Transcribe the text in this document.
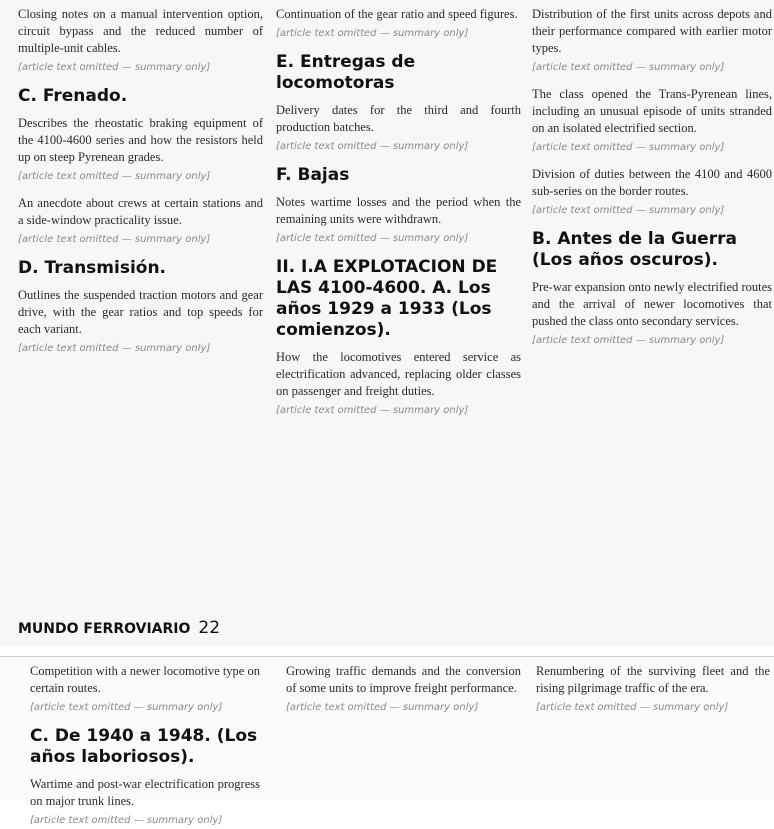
Closing notes on a manual intervention option, circuit bypass and the reduced number of multiple-unit cables.
[article text omitted — summary only]

C. Frenado.

Describes the rheostatic braking equipment of the 4100-4600 series and how the resistors held up on steep Pyrenean grades.
[article text omitted — summary only]

An anecdote about crews at certain stations and a side-window practicality issue.
[article text omitted — summary only]

D. Transmisión.

Outlines the suspended traction motors and gear drive, with the gear ratios and top speeds for each variant.
[article text omitted — summary only]

Continuation of the gear ratio and speed figures.
[article text omitted — summary only]

E. Entregas de locomotoras

Delivery dates for the third and fourth production batches.
[article text omitted — summary only]

F. Bajas

Notes wartime losses and the period when the remaining units were withdrawn.
[article text omitted — summary only]

II. I.A EXPLOTACION DE LAS 4100-4600. A. Los años 1929 a 1933 (Los comienzos).

How the locomotives entered service as electrification advanced, replacing older classes on passenger and freight duties.
[article text omitted — summary only]

Distribution of the first units across depots and their performance compared with earlier motor types.
[article text omitted — summary only]

The class opened the Trans-Pyrenean lines, including an unusual episode of units stranded on an isolated electrified section.
[article text omitted — summary only]

Division of duties between the 4100 and 4600 sub-series on the border routes.
[article text omitted — summary only]

B. Antes de la Guerra (Los años oscuros).

Pre-war expansion onto newly electrified routes and the arrival of newer locomotives that pushed the class onto secondary services.
[article text omitted — summary only]

MUNDO FERROVIARIO 22

Competition with a newer locomotive type on certain routes.
[article text omitted — summary only]

C. De 1940 a 1948. (Los años laboriosos).

Wartime and post-war electrification progress on major trunk lines.
[article text omitted — summary only]

Growing traffic demands and the conversion of some units to improve freight performance.
[article text omitted — summary only]

Renumbering of the surviving fleet and the rising pilgrimage traffic of the era.
[article text omitted — summary only]
